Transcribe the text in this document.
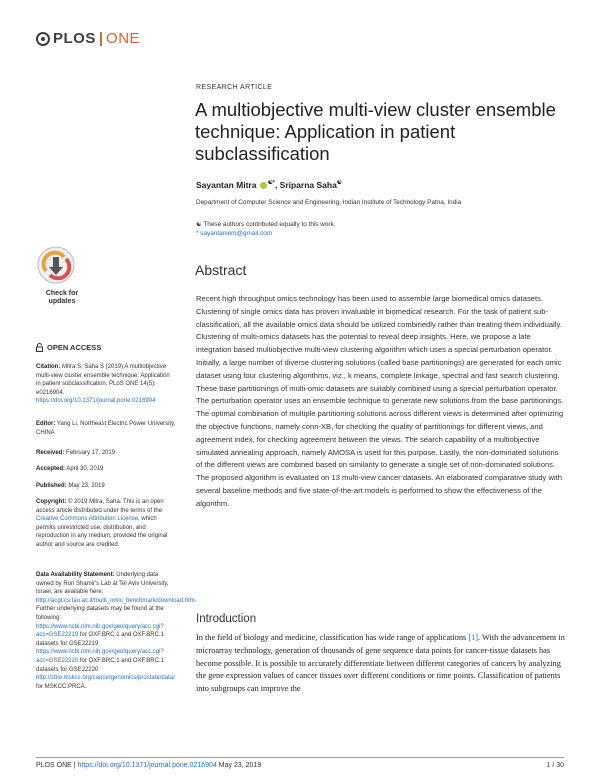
PLOS | ONE
RESEARCH ARTICLE
A multiobjective multi-view cluster ensemble technique: Application in patient subclassification
Sayantan Mitra ☯*, Sriparna Saha☯
Department of Computer Science and Engineering, Indian Institute of Technology Patna, India
☯ These authors contributed equally to this work.
* sayantaniem@gmail.com
Check for
updates
OPEN ACCESS

Citation: Mitra S, Saha S (2019) A multiobjective multi-view cluster ensemble technique: Application in patient subclassification. PLoS ONE 14(5): e0216904. https://doi.org/10.1371/journal.pone.0216904

Editor: Yang Li, Northeast Electric Power University, CHINA

Received: February 17, 2019

Accepted: April 30, 2019

Published: May 23, 2019

Copyright: © 2019 Mitra, Saha. This is an open access article distributed under the terms of the Creative Commons Attribution License, which permits unrestricted use, distribution, and reproduction in any medium, provided the original author and source are credited.

Data Availability Statement: Underlying data owned by Ron Shamir's Lab at Tel Aviv University, Israel, are available here: http://acgt.cs.tau.ac.il/multi_omic_benchmark/download.htm. Further underlying datasets may be found at the following: https://www.ncbi.nlm.nih.gov/geo/query/acc.cgi?acc=GSE22219 for OXF.BRC.1 and OXF.BRC.1 datasets for GSE22219 https://www.ncbi.nlm.nih.gov/geo/query/acc.cgi?acc=GSE22220 for OXF.BRC.1 and OXF.BRC.1 datasets for GSE22220 http://zbio.mskcc.org/cancergenomics/prostate/data/ for MSKCC.PRCA.

Abstract

Recent high throughput omics technology has been used to assemble large biomedical omics datasets. Clustering of single omics data has proven invaluable in biomedical research. For the task of patient sub-classification, all the available omics data should be utilized combinedly rather than treating them individually. Clustering of multi-omics datasets has the potential to reveal deep insights. Here, we propose a late integration based multiobjective multi-view clustering algorithm which uses a special perturbation operator. Initially, a large number of diverse clustering solutions (called base partitionings) are generated for each omic dataset using four clustering algorithms, viz., k means, complete linkage, spectral and fast search clustering. These base partitionings of multi-omic datasets are suitably combined using a special perturbation operator. The perturbation operator uses an ensemble technique to generate new solutions from the base partitionings. The optimal combination of multiple partitioning solutions across different views is determined after optimizing the objective functions, namely conn-XB, for checking the quality of partitionings for different views, and agreement index, for checking agreement between the views. The search capability of a multiobjective simulated annealing approach, namely AMOSA is used for this purpose. Lastly, the non-dominated solutions of the different views are combined based on similarity to generate a single set of non-dominated solutions. The proposed algorithm is evaluated on 13 multi-view cancer datasets. An elaborated comparative study with several baseline methods and five state-of-the-art models is performed to show the effectiveness of the algorithm.

Introduction

In the field of biology and medicine, classification has wide range of applications [1]. With the advancement in microarray technology, generation of thousands of gene sequence data points for cancer-tissue datasets has become possible. It is possible to accurately differentiate between different categories of cancers by analyzing the gene expression values of cancer tissues over different conditions or time points. Classification of patients into subgroups can improve the

PLOS ONE | https://doi.org/10.1371/journal.pone.0216904 May 23, 2019	1 / 30
